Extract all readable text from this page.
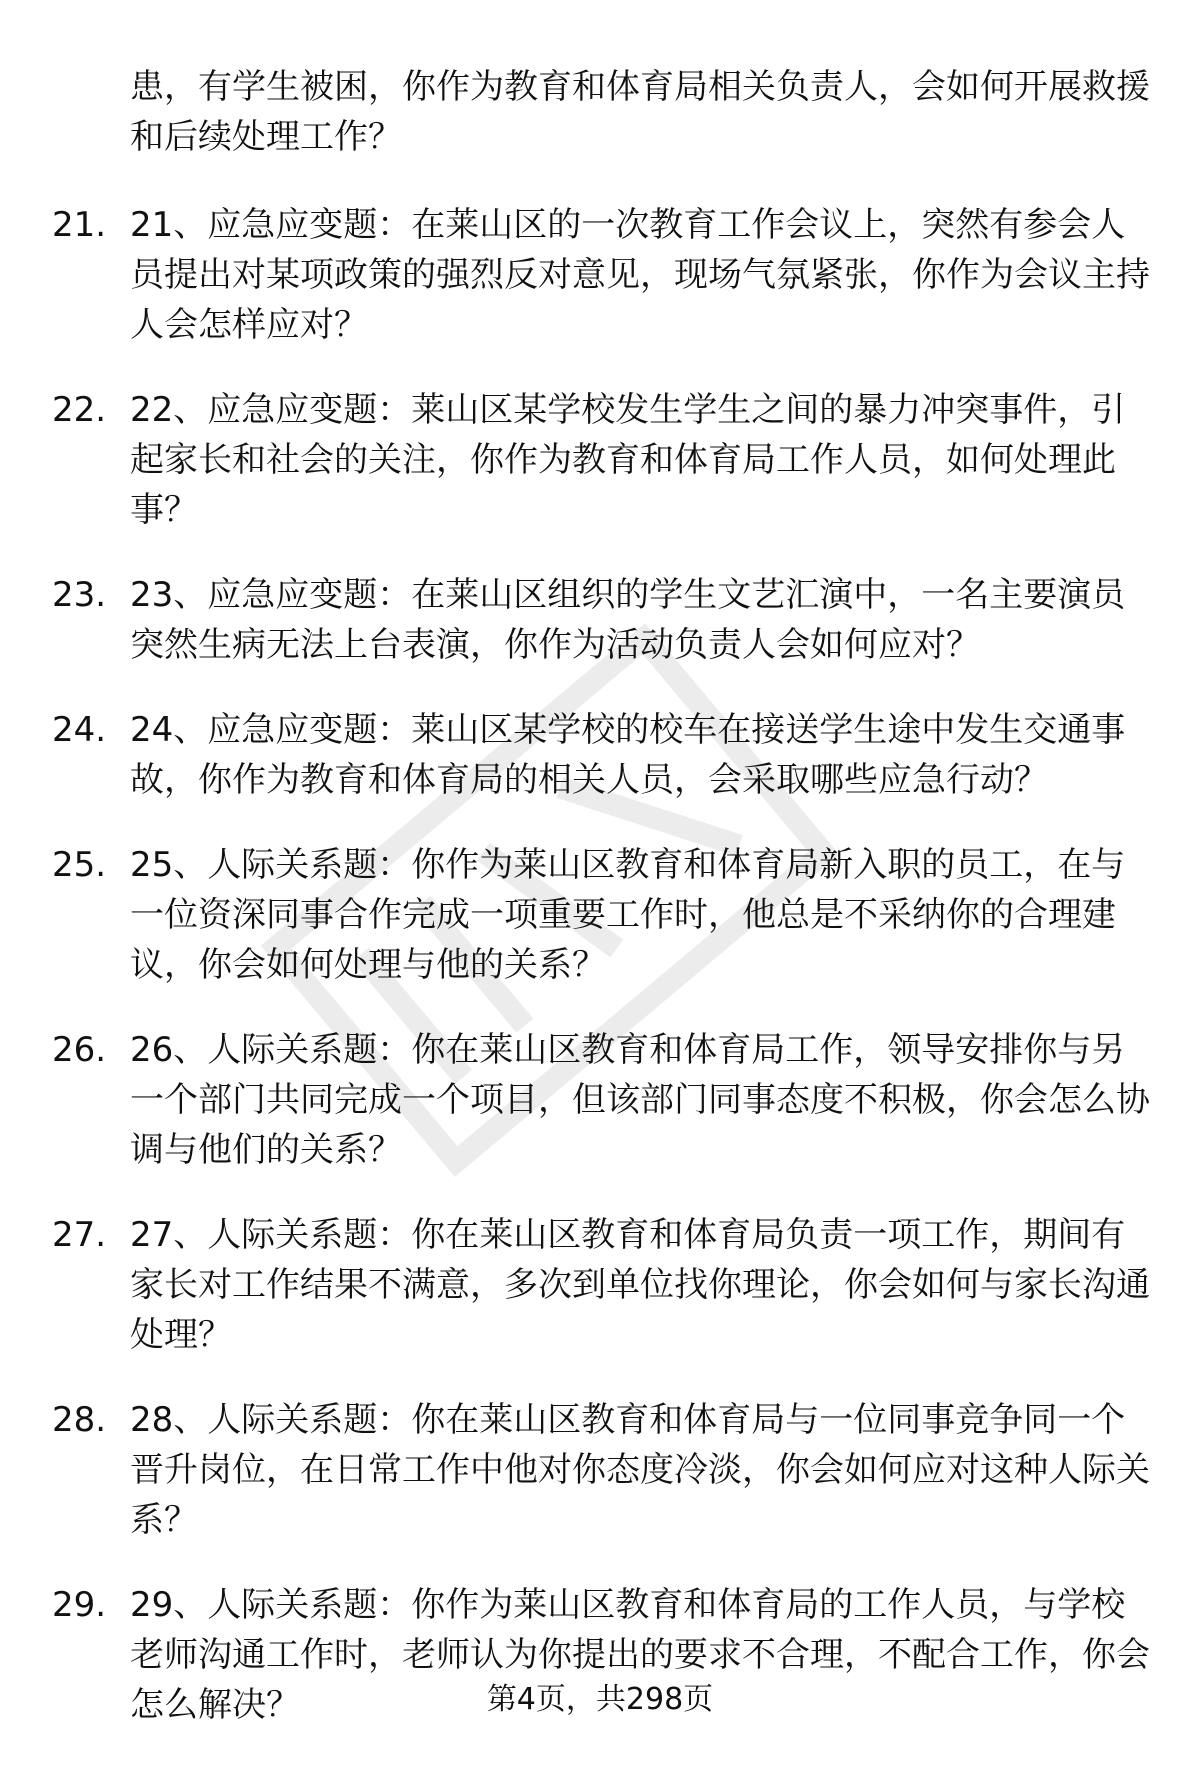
患，有学生被困，你作为教育和体育局相关负责人，会如何开展救援和后续处理工作？

21. 21、应急应变题：在莱山区的一次教育工作会议上，突然有参会人员提出对某项政策的强烈反对意见，现场气氛紧张，你作为会议主持人会怎样应对？
22. 22、应急应变题：莱山区某学校发生学生之间的暴力冲突事件，引起家长和社会的关注，你作为教育和体育局工作人员，如何处理此事？
23. 23、应急应变题：在莱山区组织的学生文艺汇演中，一名主要演员突然生病无法上台表演，你作为活动负责人会如何应对？
24. 24、应急应变题：莱山区某学校的校车在接送学生途中发生交通事故，你作为教育和体育局的相关人员，会采取哪些应急行动？
25. 25、人际关系题：你作为莱山区教育和体育局新入职的员工，在与一位资深同事合作完成一项重要工作时，他总是不采纳你的合理建议，你会如何处理与他的关系？
26. 26、人际关系题：你在莱山区教育和体育局工作，领导安排你与另一个部门共同完成一个项目，但该部门同事态度不积极，你会怎么协调与他们的关系？
27. 27、人际关系题：你在莱山区教育和体育局负责一项工作，期间有家长对工作结果不满意，多次到单位找你理论，你会如何与家长沟通处理？
28. 28、人际关系题：你在莱山区教育和体育局与一位同事竞争同一个晋升岗位，在日常工作中他对你态度冷淡，你会如何应对这种人际关系？
29. 29、人际关系题：你作为莱山区教育和体育局的工作人员，与学校老师沟通工作时，老师认为你提出的要求不合理，不配合工作，你会怎么解决？	第4页，共298页
